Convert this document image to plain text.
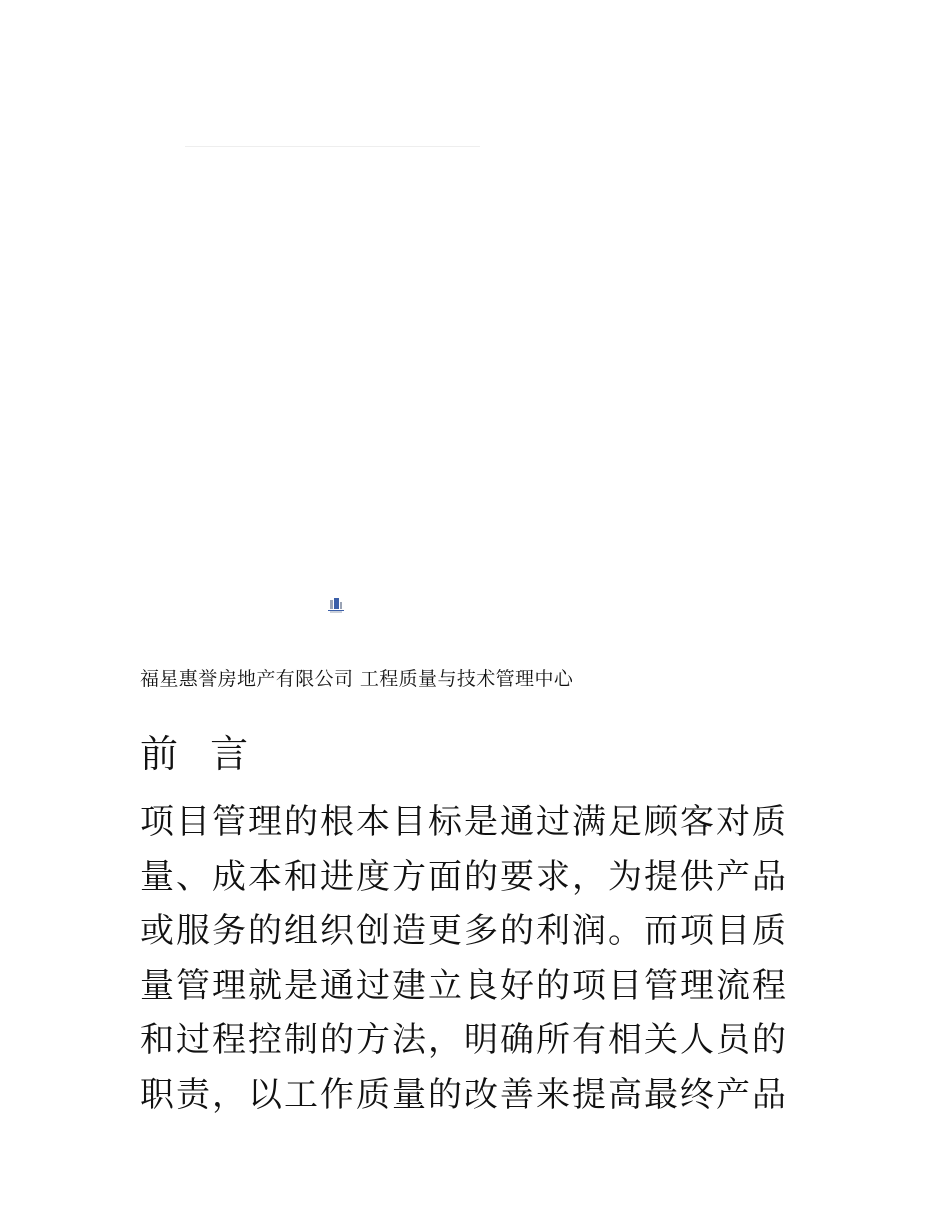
福星惠誉房地产有限公司 工程质量与技术管理中心
前 言
项目管理的根本目标是通过满足顾客对质
量、成本和进度方面的要求，为提供产品
或服务的组织创造更多的利润。而项目质
量管理就是通过建立良好的项目管理流程
和过程控制的方法，明确所有相关人员的
职责，以工作质量的改善来提高最终产品
